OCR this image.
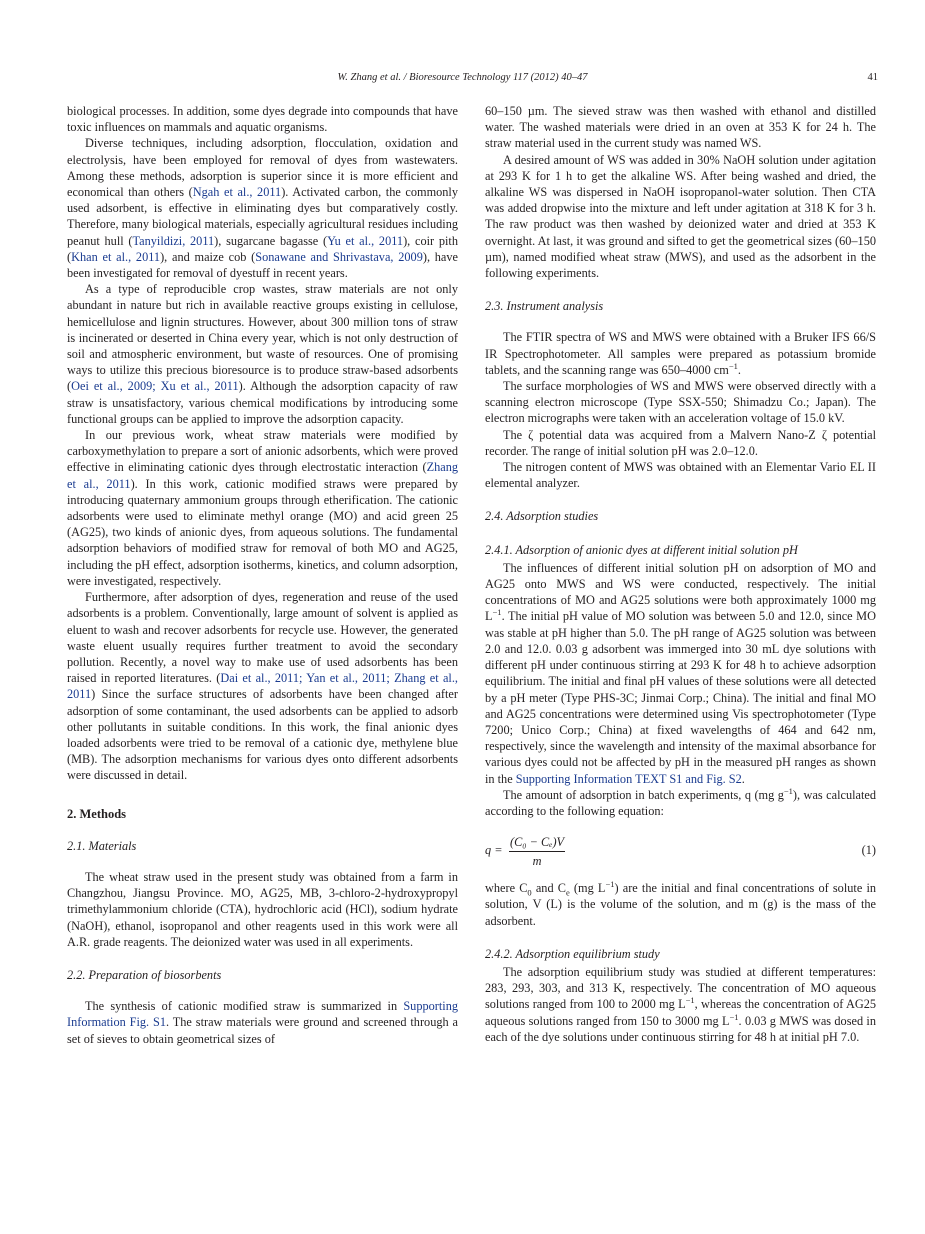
W. Zhang et al. / Bioresource Technology 117 (2012) 40–47	41

biological processes. In addition, some dyes degrade into compounds that have toxic influences on mammals and aquatic organisms.

Diverse techniques, including adsorption, flocculation, oxidation and electrolysis, have been employed for removal of dyes from wastewaters. Among these methods, adsorption is superior since it is more efficient and economical than others (Ngah et al., 2011). Activated carbon, the commonly used adsorbent, is effective in eliminating dyes but comparatively costly. Therefore, many biological materials, especially agricultural residues including peanut hull (Tanyildizi, 2011), sugarcane bagasse (Yu et al., 2011), coir pith (Khan et al., 2011), and maize cob (Sonawane and Shrivastava, 2009), have been investigated for removal of dyestuff in recent years.

As a type of reproducible crop wastes, straw materials are not only abundant in nature but rich in available reactive groups existing in cellulose, hemicellulose and lignin structures. However, about 300 million tons of straw is incinerated or deserted in China every year, which is not only destruction of soil and atmospheric environment, but waste of resources. One of promising ways to utilize this precious bioresource is to produce straw-based adsorbents (Oei et al., 2009; Xu et al., 2011). Although the adsorption capacity of raw straw is unsatisfactory, various chemical modifications by introducing some functional groups can be applied to improve the adsorption capacity.

In our previous work, wheat straw materials were modified by carboxymethylation to prepare a sort of anionic adsorbents, which were proved effective in eliminating cationic dyes through electrostatic interaction (Zhang et al., 2011). In this work, cationic modified straws were prepared by introducing quaternary ammonium groups through etherification. The cationic adsorbents were used to eliminate methyl orange (MO) and acid green 25 (AG25), two kinds of anionic dyes, from aqueous solutions. The fundamental adsorption behaviors of modified straw for removal of both MO and AG25, including the pH effect, adsorption isotherms, kinetics, and column adsorption, were investigated, respectively.

Furthermore, after adsorption of dyes, regeneration and reuse of the used adsorbents is a problem. Conventionally, large amount of solvent is applied as eluent to wash and recover adsorbents for recycle use. However, the generated waste eluent usually requires further treatment to avoid the secondary pollution. Recently, a novel way to make use of used adsorbents has been raised in reported literatures. (Dai et al., 2011; Yan et al., 2011; Zhang et al., 2011) Since the surface structures of adsorbents have been changed after adsorption of some contaminant, the used adsorbents can be applied to adsorb other pollutants in suitable conditions. In this work, the final anionic dyes loaded adsorbents were tried to be removal of a cationic dye, methylene blue (MB). The adsorption mechanisms for various dyes onto different adsorbents were discussed in detail.

2. Methods
2.1. Materials

The wheat straw used in the present study was obtained from a farm in Changzhou, Jiangsu Province. MO, AG25, MB, 3-chloro-2-hydroxypropyl trimethylammonium chloride (CTA), hydrochloric acid (HCl), sodium hydrate (NaOH), ethanol, isopropanol and other reagents used in this work were all A.R. grade reagents. The deionized water was used in all experiments.

2.2. Preparation of biosorbents

The synthesis of cationic modified straw is summarized in Supporting Information Fig. S1. The straw materials were ground and screened through a set of sieves to obtain geometrical sizes of

60–150 µm. The sieved straw was then washed with ethanol and distilled water. The washed materials were dried in an oven at 353 K for 24 h. The straw material used in the current study was named WS.

A desired amount of WS was added in 30% NaOH solution under agitation at 293 K for 1 h to get the alkaline WS. After being washed and dried, the alkaline WS was dispersed in NaOH isopropanol-water solution. Then CTA was added dropwise into the mixture and left under agitation at 318 K for 3 h. The raw product was then washed by deionized water and dried at 353 K overnight. At last, it was ground and sifted to get the geometrical sizes (60–150 µm), named modified wheat straw (MWS), and used as the adsorbent in the following experiments.

2.3. Instrument analysis

The FTIR spectra of WS and MWS were obtained with a Bruker IFS 66/S IR Spectrophotometer. All samples were prepared as potassium bromide tablets, and the scanning range was 650–4000 $cm^{-1}$.

The surface morphologies of WS and MWS were observed directly with a scanning electron microscope (Type SSX-550; Shimadzu Co.; Japan). The electron micrographs were taken with an acceleration voltage of 15.0 kV.

The ζ potential data was acquired from a Malvern Nano-Z ζ potential recorder. The range of initial solution pH was 2.0–12.0.

The nitrogen content of MWS was obtained with an Elementar Vario EL II elemental analyzer.

2.4. Adsorption studies
2.4.1. Adsorption of anionic dyes at different initial solution pH

The influences of different initial solution pH on adsorption of MO and AG25 onto MWS and WS were conducted, respectively. The initial concentrations of MO and AG25 solutions were both approximately 1000 mg $L^{-1}$. The initial pH value of MO solution was between 5.0 and 12.0, since MO was stable at pH higher than 5.0. The pH range of AG25 solution was between 2.0 and 12.0. 0.03 g adsorbent was immerged into 30 mL dye solutions with different pH under continuous stirring at 293 K for 48 h to achieve adsorption equilibrium. The initial and final pH values of these solutions were all detected by a pH meter (Type PHS-3C; Jinmai Corp.; China). The initial and final MO and AG25 concentrations were determined using Vis spectrophotometer (Type 7200; Unico Corp.; China) at fixed wavelengths of 464 and 642 nm, respectively, since the wavelength and intensity of the maximal absorbance for various dyes could not be affected by pH in the measured pH ranges as shown in the Supporting Information TEXT S1 and Fig. S2.

The amount of adsorption in batch experiments, q (mg $g^{-1}$), was calculated according to the following equation:

$q = \frac{\text{(C₀ − Cₑ)V}}{m}$	(1)

where $C_0$ and $C_e$ (mg $L^{-1}$) are the initial and final concentrations of solute in solution, V (L) is the volume of the solution, and m (g) is the mass of the adsorbent.

2.4.2. Adsorption equilibrium study

The adsorption equilibrium study was studied at different temperatures: 283, 293, 303, and 313 K, respectively. The concentration of MO aqueous solutions ranged from 100 to 2000 mg $L^{-1}$, whereas the concentration of AG25 aqueous solutions ranged from 150 to 3000 mg $L^{-1}$. 0.03 g MWS was dosed in each of the dye solutions under continuous stirring for 48 h at initial pH 7.0.
